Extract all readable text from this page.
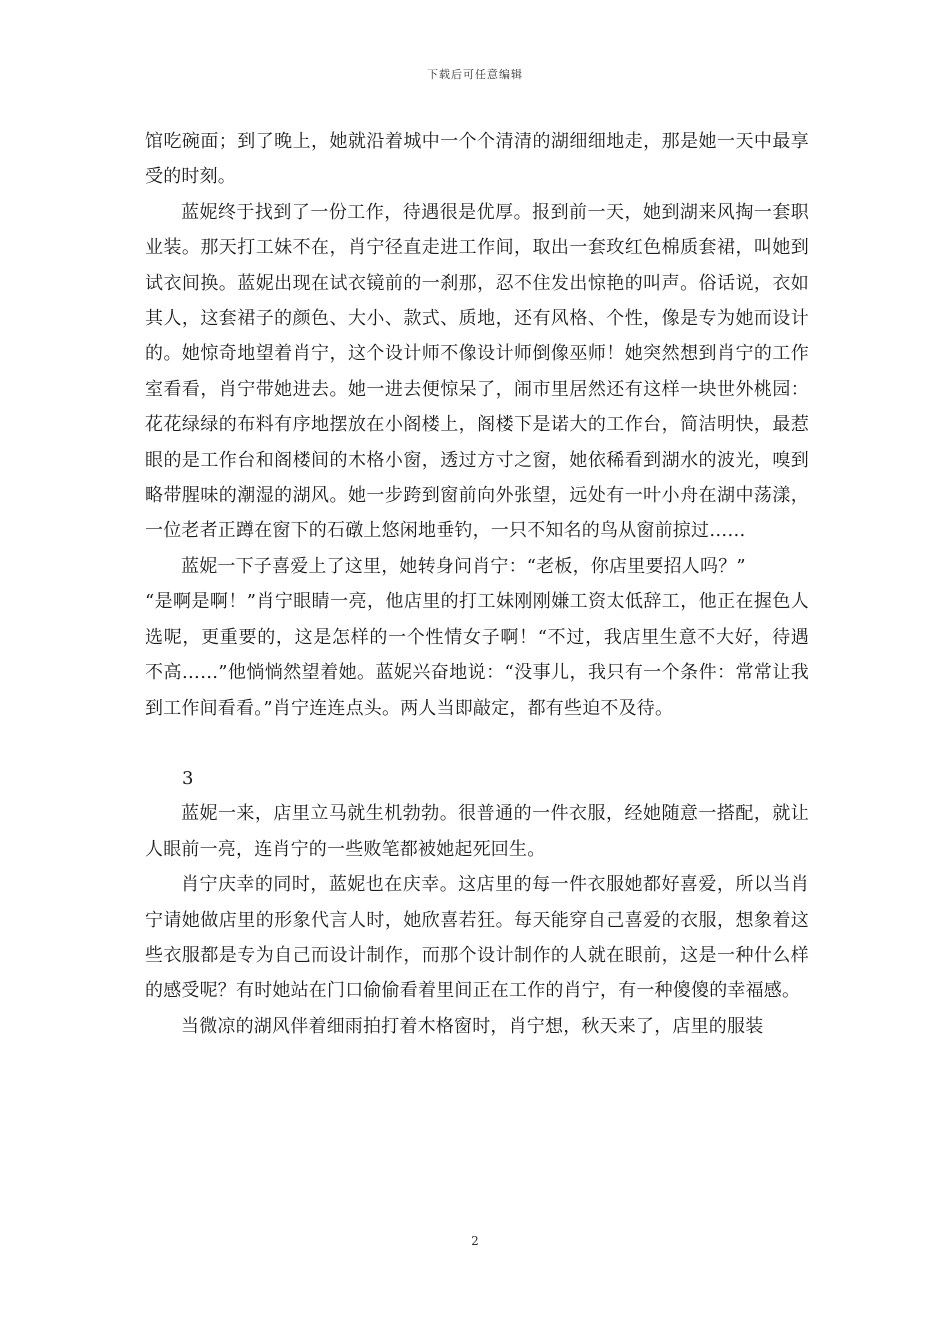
下载后可任意编辑

馆吃碗面；到了晚上，她就沿着城中一个个清清的湖细细地走，那是她一天中最享受的时刻。

蓝妮终于找到了一份工作，待遇很是优厚。报到前一天，她到湖来风掏一套职业装。那天打工妹不在，肖宁径直走进工作间，取出一套玫红色棉质套裙，叫她到试衣间换。蓝妮出现在试衣镜前的一刹那，忍不住发出惊艳的叫声。俗话说，衣如其人，这套裙子的颜色、大小、款式、质地，还有风格、个性，像是专为她而设计的。她惊奇地望着肖宁，这个设计师不像设计师倒像巫师！她突然想到肖宁的工作室看看，肖宁带她进去。她一进去便惊呆了，闹市里居然还有这样一块世外桃园：花花绿绿的布料有序地摆放在小阁楼上，阁楼下是诺大的工作台，简洁明快，最惹眼的是工作台和阁楼间的木格小窗，透过方寸之窗，她依稀看到湖水的波光，嗅到略带腥味的潮湿的湖风。她一步跨到窗前向外张望，远处有一叶小舟在湖中荡漾，一位老者正蹲在窗下的石礅上悠闲地垂钓，一只不知名的鸟从窗前掠过……

蓝妮一下子喜爱上了这里，她转身问肖宁：“老板，你店里要招人吗？”

“是啊是啊！”肖宁眼睛一亮，他店里的打工妹刚刚嫌工资太低辞工，他正在握色人选呢，更重要的，这是怎样的一个性情女子啊！“不过，我店里生意不大好，待遇不高……”他惝惝然望着她。蓝妮兴奋地说：“没事儿，我只有一个条件：常常让我到工作间看看。”肖宁连连点头。两人当即敲定，都有些迫不及待。

3

蓝妮一来，店里立马就生机勃勃。很普通的一件衣服，经她随意一搭配，就让人眼前一亮，连肖宁的一些败笔都被她起死回生。

肖宁庆幸的同时，蓝妮也在庆幸。这店里的每一件衣服她都好喜爱，所以当肖宁请她做店里的形象代言人时，她欣喜若狂。每天能穿自己喜爱的衣服，想象着这些衣服都是专为自己而设计制作，而那个设计制作的人就在眼前，这是一种什么样的感受呢？有时她站在门口偷偷看着里间正在工作的肖宁，有一种傻傻的幸福感。

当微凉的湖风伴着细雨拍打着木格窗时，肖宁想，秋天来了，店里的服装

2
